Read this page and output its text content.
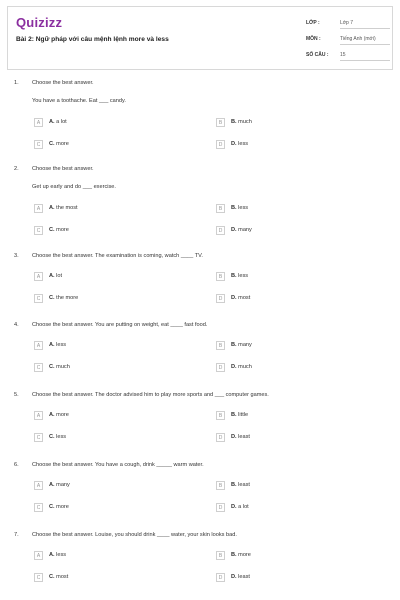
Quizizz
Bài 2: Ngữ pháp với câu mệnh lệnh more và less
LỚP :	Lớp 7
MÔN :	Tiếng Anh (mới)
SỐ CÂU : 15
1. Choose the best answer.
You have a toothache. Eat ___ candy.
A	A. a lot	B	B. much
C	C. more	D	D. less
2. Choose the best answer.
Get up early and do ___ exercise.
A	A. the most	B	B. less
C	C. more	D	D. many
3. Choose the best answer. The examination is coming, watch ____ TV.
A	A. lot	B	B. less
C	C. the more	D	D. most
4. Choose the best answer. You are putting on weight, eat ____ fast food.
A	A. less	B	B. many
C	C. much	D	D. much
5. Choose the best answer. The doctor advised him to play more sports and ___ computer games.
A	A. more	B	B. little
C	C. less	D	D. least
6. Choose the best answer. You have a cough, drink _____ warm water.
A	A. many	B	B. least
C	C. more	D	D. a lot
7. Choose the best answer. Louise, you should drink ____ water, your skin looks bad.
A	A. less	B	B. more
C	C. most	D	D. least
